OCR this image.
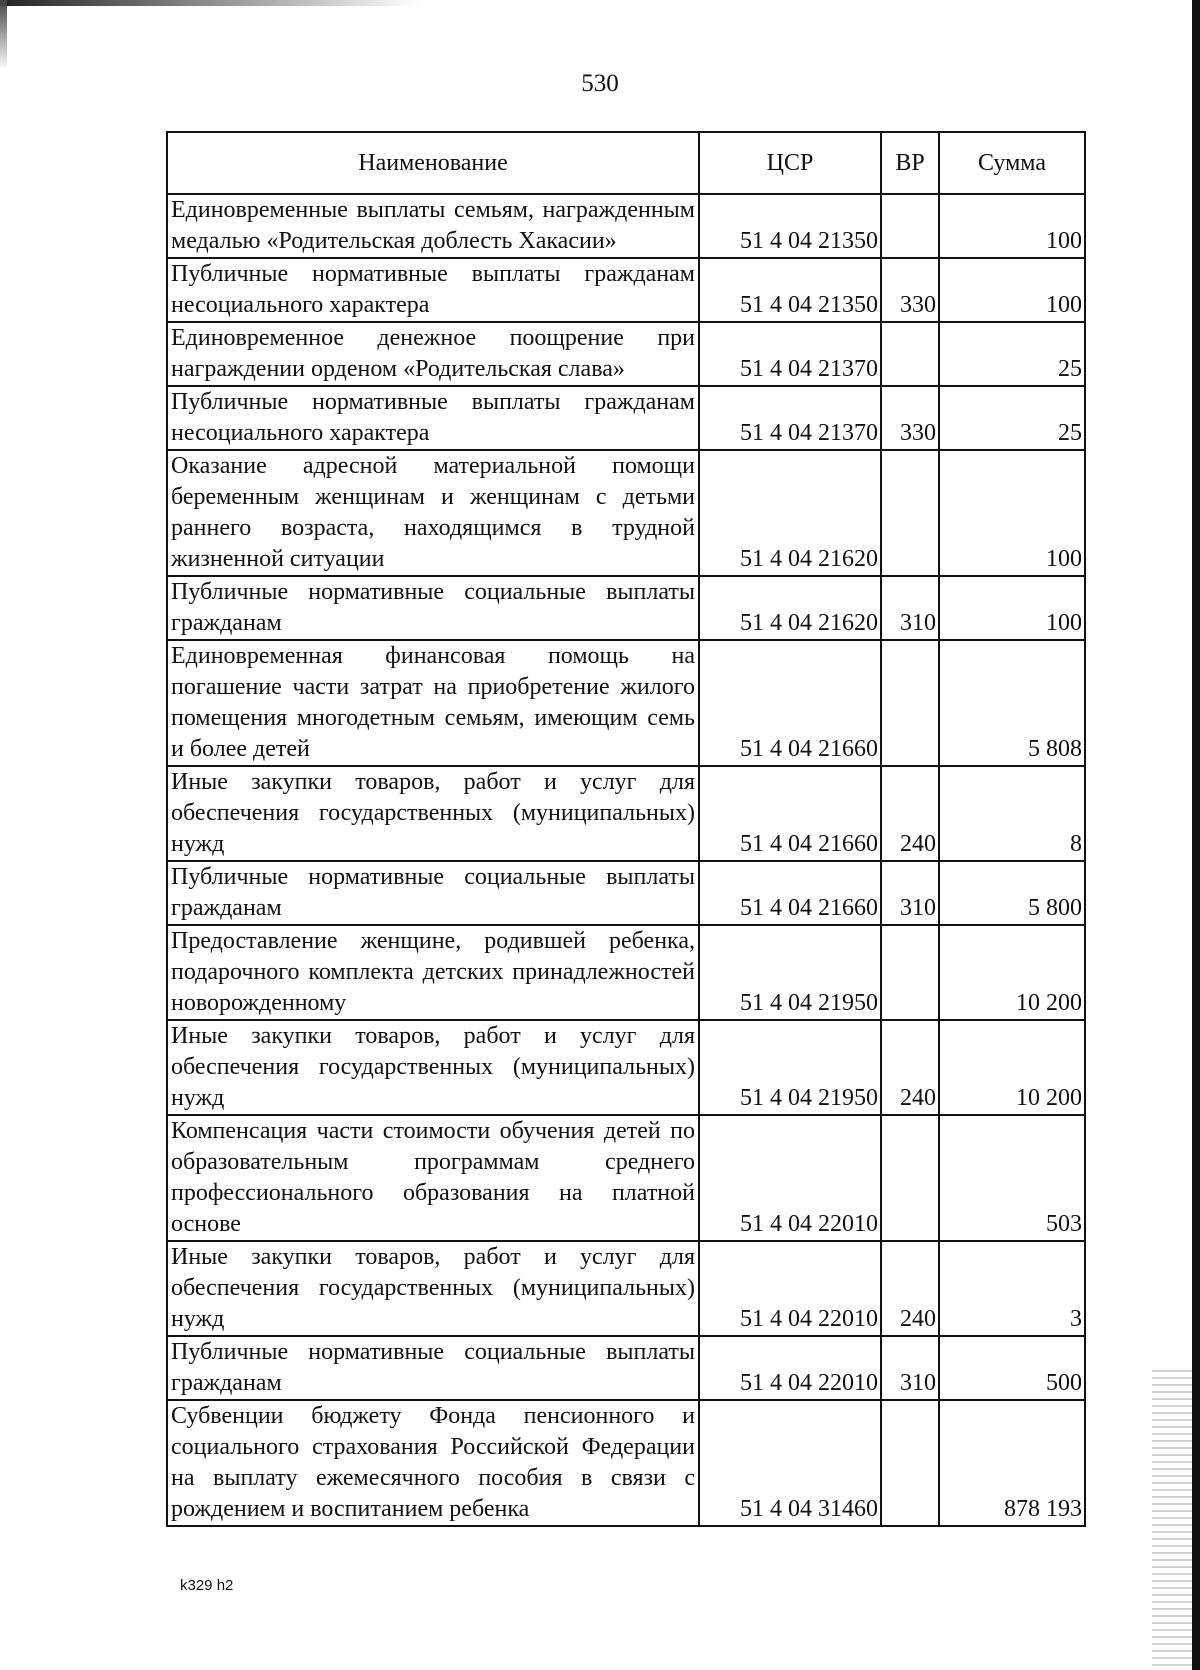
530
Наименование	ЦСР	ВР	Сумма
Единовременные выплаты семьям, награжденным медалью «Родительская доблесть Хакасии»	51 4 04 21350		100
Публичные нормативные выплаты гражданам несоциального характера	51 4 04 21350	330	100
Единовременное денежное поощрение при награждении орденом «Родительская слава»	51 4 04 21370		25
Публичные нормативные выплаты гражданам несоциального характера	51 4 04 21370	330	25
Оказание адресной материальной помощи беременным женщинам и женщинам с детьми раннего возраста, находящимся в трудной жизненной ситуации	51 4 04 21620		100
Публичные нормативные социальные выплаты гражданам	51 4 04 21620	310	100
Единовременная финансовая помощь на погашение части затрат на приобретение жилого помещения многодетным семьям, имеющим семь и более детей	51 4 04 21660		5 808
Иные закупки товаров, работ и услуг для обеспечения государственных (муниципальных) нужд	51 4 04 21660	240	8
Публичные нормативные социальные выплаты гражданам	51 4 04 21660	310	5 800
Предоставление женщине, родившей ребенка, подарочного комплекта детских принадлежностей новорожденному	51 4 04 21950		10 200
Иные закупки товаров, работ и услуг для обеспечения государственных (муниципальных) нужд	51 4 04 21950	240	10 200
Компенсация части стоимости обучения детей по образовательным программам среднего профессионального образования на платной основе	51 4 04 22010		503
Иные закупки товаров, работ и услуг для обеспечения государственных (муниципальных) нужд	51 4 04 22010	240	3
Публичные нормативные социальные выплаты гражданам	51 4 04 22010	310	500
Субвенции бюджету Фонда пенсионного и социального страхования Российской Федерации на выплату ежемесячного пособия в связи с рождением и воспитанием ребенка	51 4 04 31460		878 193
k329 h2
